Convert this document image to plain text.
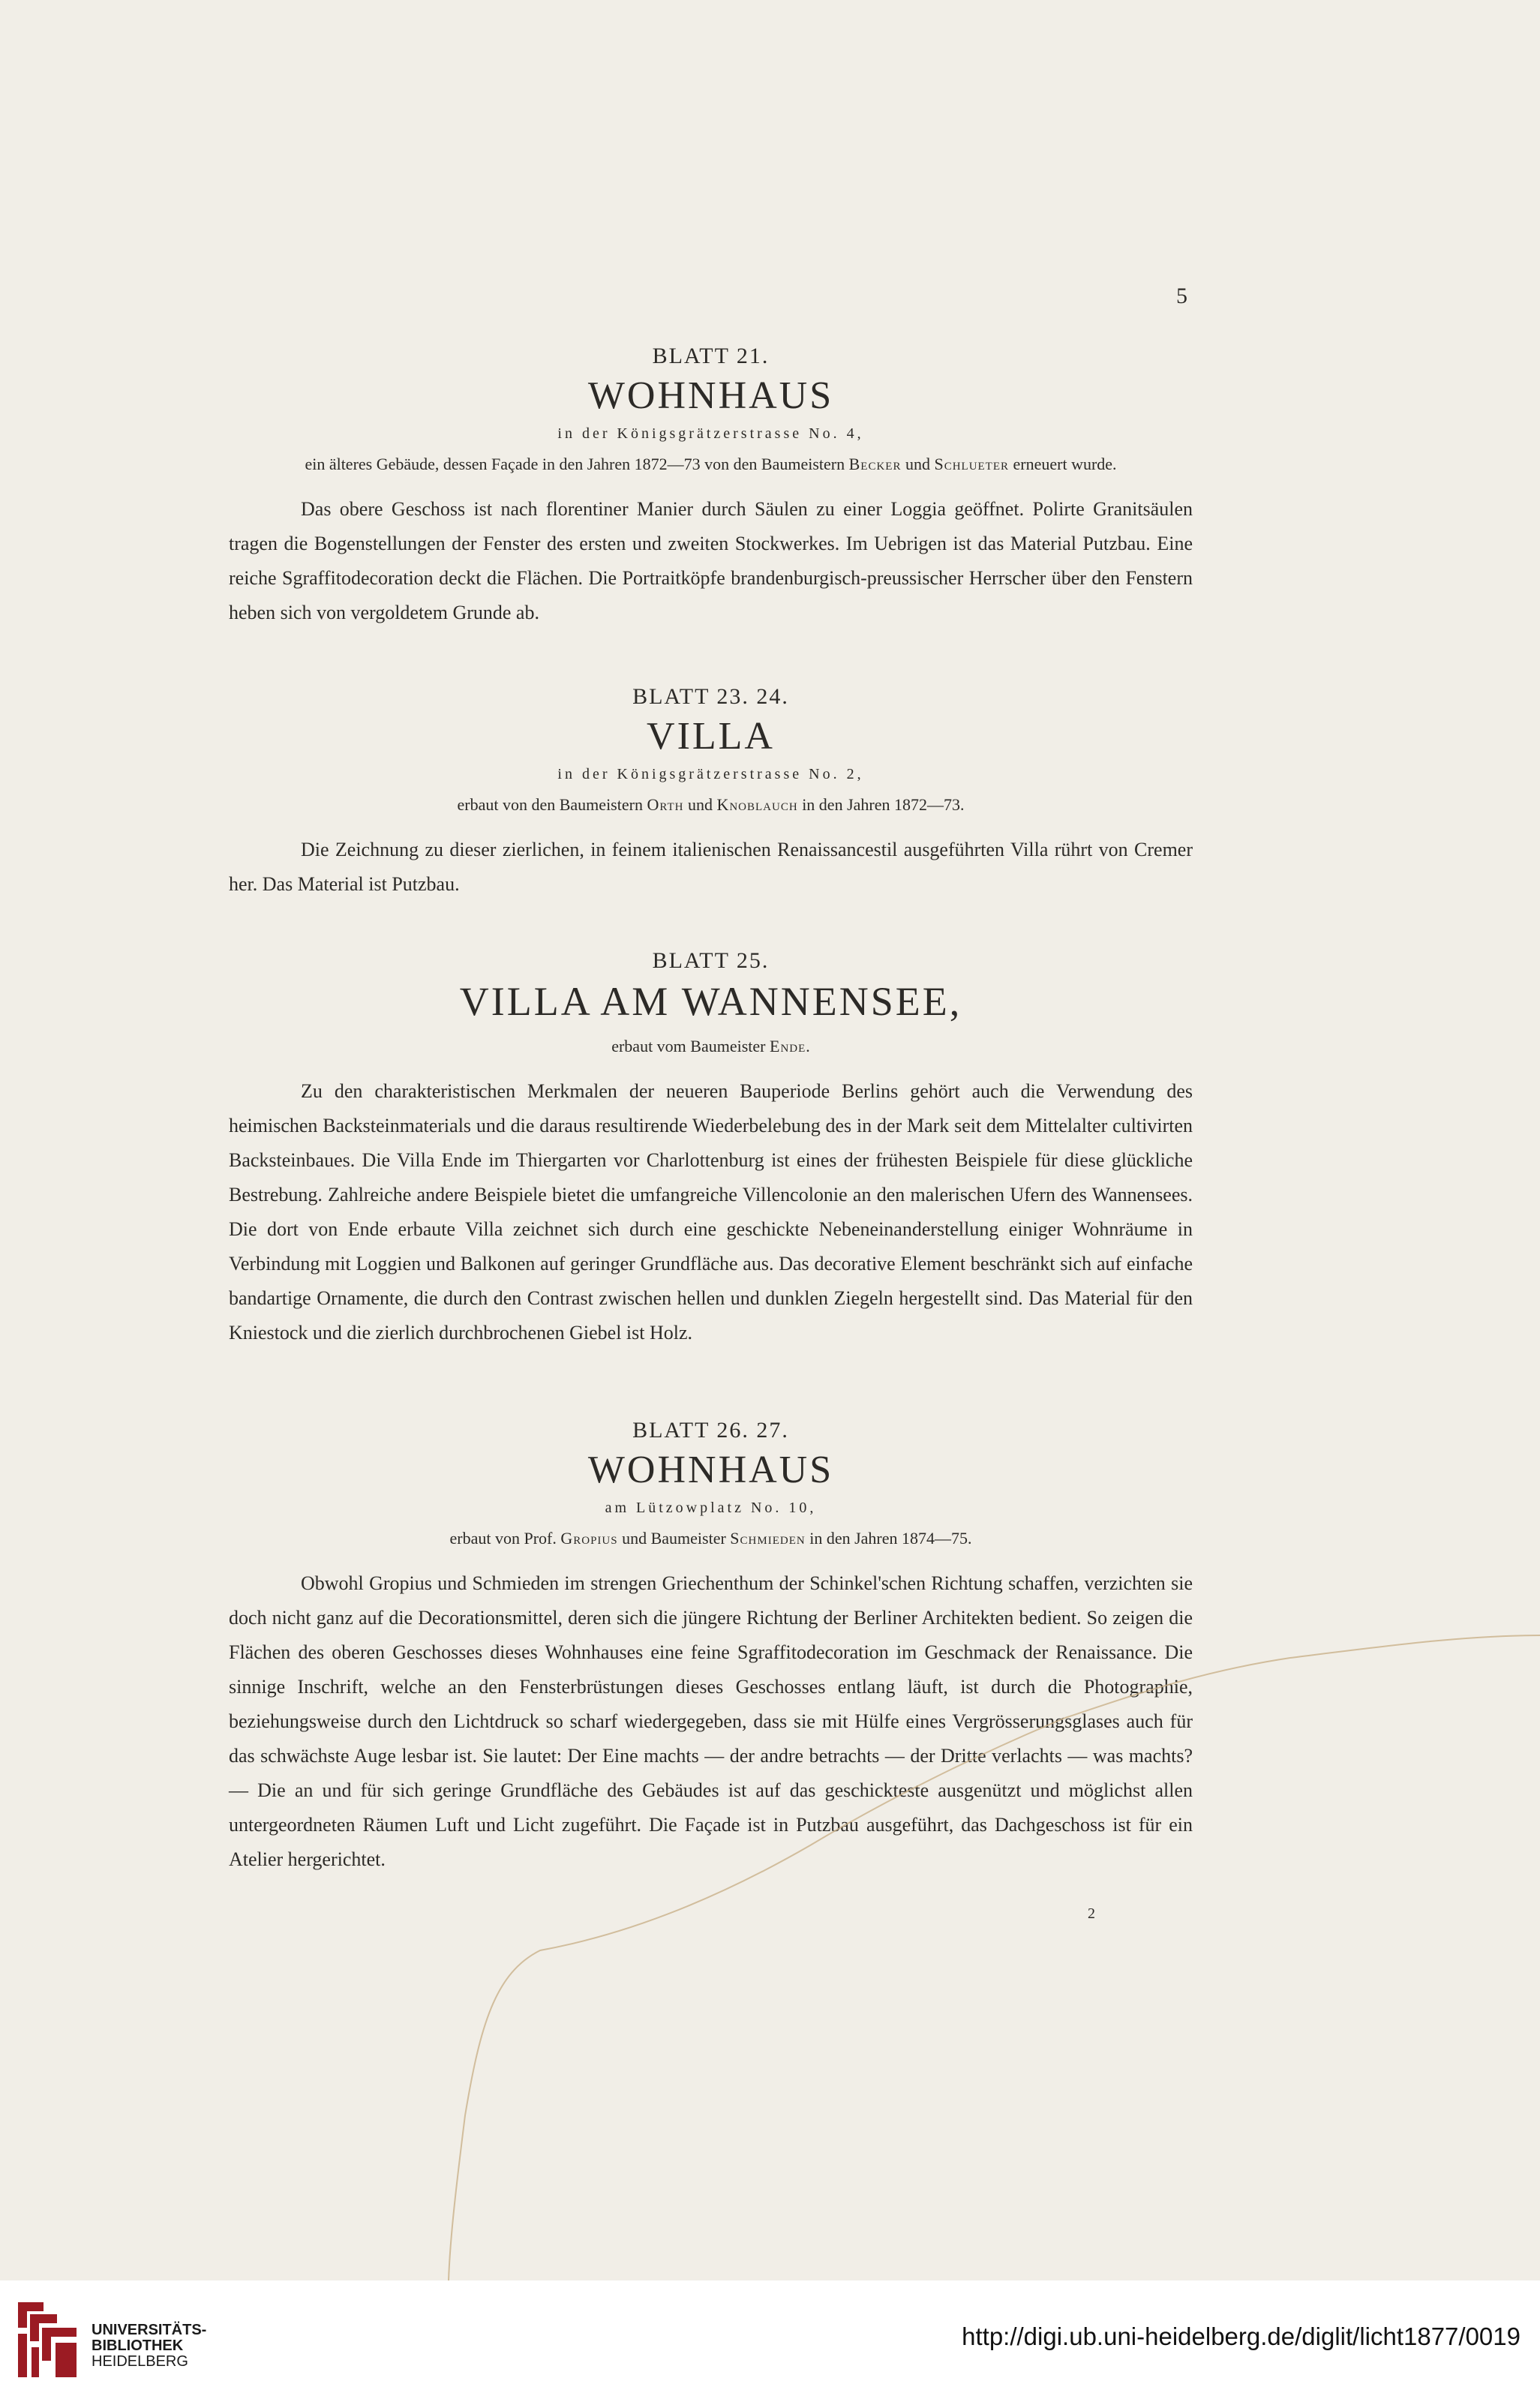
5

BLATT 21.

WOHNHAUS

in der Königsgrätzerstrasse No. 4,

ein älteres Gebäude, dessen Façade in den Jahren 1872—73 von den Baumeistern Becker und Schlueter erneuert wurde.

Das obere Geschoss ist nach florentiner Manier durch Säulen zu einer Loggia geöffnet. Polirte Granitsäulen tragen die Bogenstellungen der Fenster des ersten und zweiten Stockwerkes. Im Uebrigen ist das Material Putzbau. Eine reiche Sgraffitodecoration deckt die Flächen. Die Portraitköpfe brandenburgisch-preussischer Herrscher über den Fenstern heben sich von vergoldetem Grunde ab.

BLATT 23. 24.

VILLA

in der Königsgrätzerstrasse No. 2,

erbaut von den Baumeistern Orth und Knoblauch in den Jahren 1872—73.

Die Zeichnung zu dieser zierlichen, in feinem italienischen Renaissancestil ausgeführten Villa rührt von Cremer her. Das Material ist Putzbau.

BLATT 25.

VILLA AM WANNENSEE,

erbaut vom Baumeister Ende.

Zu den charakteristischen Merkmalen der neueren Bauperiode Berlins gehört auch die Verwendung des heimischen Backsteinmaterials und die daraus resultirende Wiederbelebung des in der Mark seit dem Mittelalter cultivirten Backsteinbaues. Die Villa Ende im Thiergarten vor Charlottenburg ist eines der frühesten Beispiele für diese glückliche Bestrebung. Zahlreiche andere Beispiele bietet die umfangreiche Villencolonie an den malerischen Ufern des Wannensees. Die dort von Ende erbaute Villa zeichnet sich durch eine geschickte Nebeneinanderstellung einiger Wohnräume in Verbindung mit Loggien und Balkonen auf geringer Grundfläche aus. Das decorative Element beschränkt sich auf einfache bandartige Ornamente, die durch den Contrast zwischen hellen und dunklen Ziegeln hergestellt sind. Das Material für den Kniestock und die zierlich durchbrochenen Giebel ist Holz.

BLATT 26. 27.

WOHNHAUS

am Lützowplatz No. 10,

erbaut von Prof. Gropius und Baumeister Schmieden in den Jahren 1874—75.

Obwohl Gropius und Schmieden im strengen Griechenthum der Schinkel'schen Richtung schaffen, verzichten sie doch nicht ganz auf die Decorationsmittel, deren sich die jüngere Richtung der Berliner Architekten bedient. So zeigen die Flächen des oberen Geschosses dieses Wohnhauses eine feine Sgraffitodecoration im Geschmack der Renaissance. Die sinnige Inschrift, welche an den Fensterbrüstungen dieses Geschosses entlang läuft, ist durch die Photographie, beziehungsweise durch den Lichtdruck so scharf wiedergegeben, dass sie mit Hülfe eines Vergrösserungsglases auch für das schwächste Auge lesbar ist. Sie lautet: Der Eine machts — der andre betrachts — der Dritte verlachts — was machts? — Die an und für sich geringe Grundfläche des Gebäudes ist auf das geschickteste ausgenützt und möglichst allen untergeordneten Räumen Luft und Licht zugeführt. Die Façade ist in Putzbau ausgeführt, das Dachgeschoss ist für ein Atelier hergerichtet.

2
UNIVERSITÄTS-
BIBLIOTHEK
HEIDELBERG
http://digi.ub.uni-heidelberg.de/diglit/licht1877/0019
